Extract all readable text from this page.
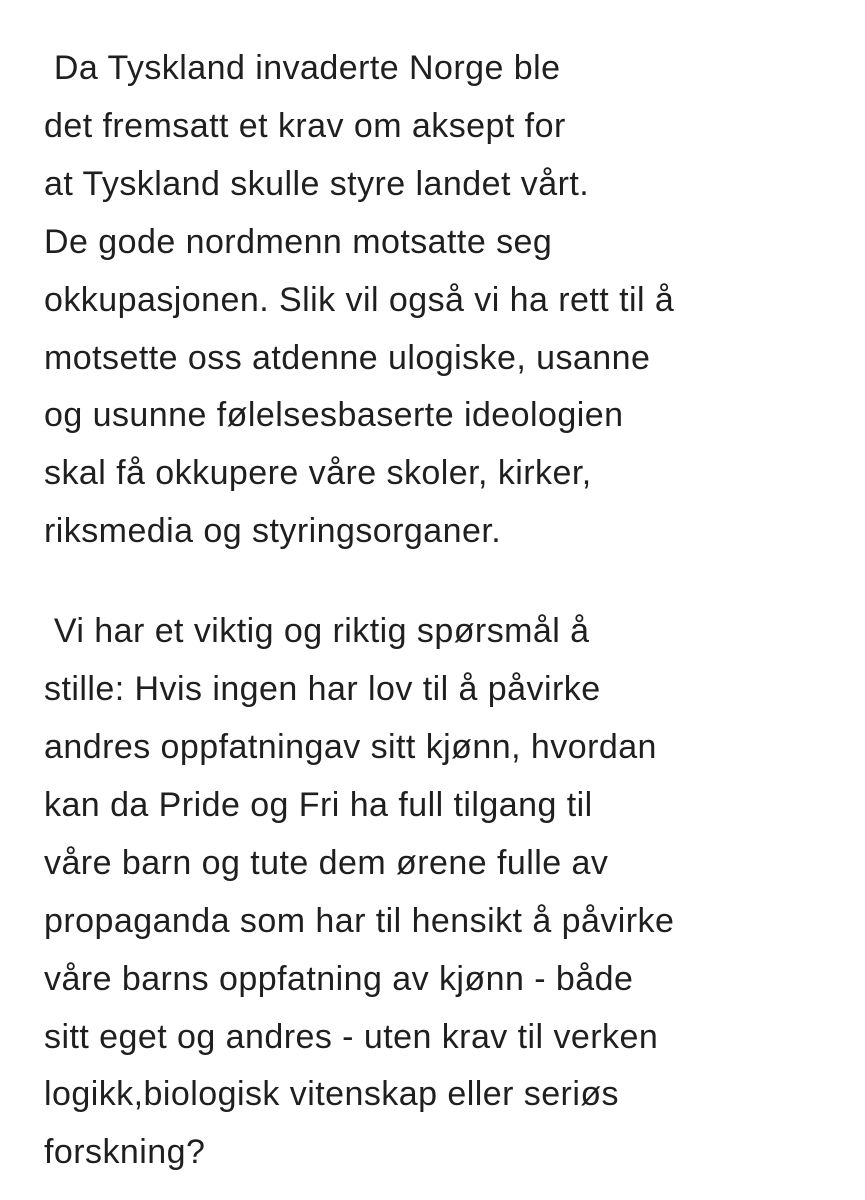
Da Tyskland invaderte Norge ble
det fremsatt et krav om aksept for
at Tyskland skulle styre landet vårt.
De gode nordmenn motsatte seg
okkupasjonen. Slik vil også vi ha rett til å
motsette oss atdenne ulogiske, usanne
og usunne følelsesbaserte ideologien
skal få okkupere våre skoler, kirker,
riksmedia og styringsorganer.

Vi har et viktig og riktig spørsmål å
stille: Hvis ingen har lov til å påvirke
andres oppfatningav sitt kjønn, hvordan
kan da Pride og Fri ha full tilgang til
våre barn og tute dem ørene fulle av
propaganda som har til hensikt å påvirke
våre barns oppfatning av kjønn - både
sitt eget og andres - uten krav til verken
logikk,biologisk vitenskap eller seriøs
forskning?
